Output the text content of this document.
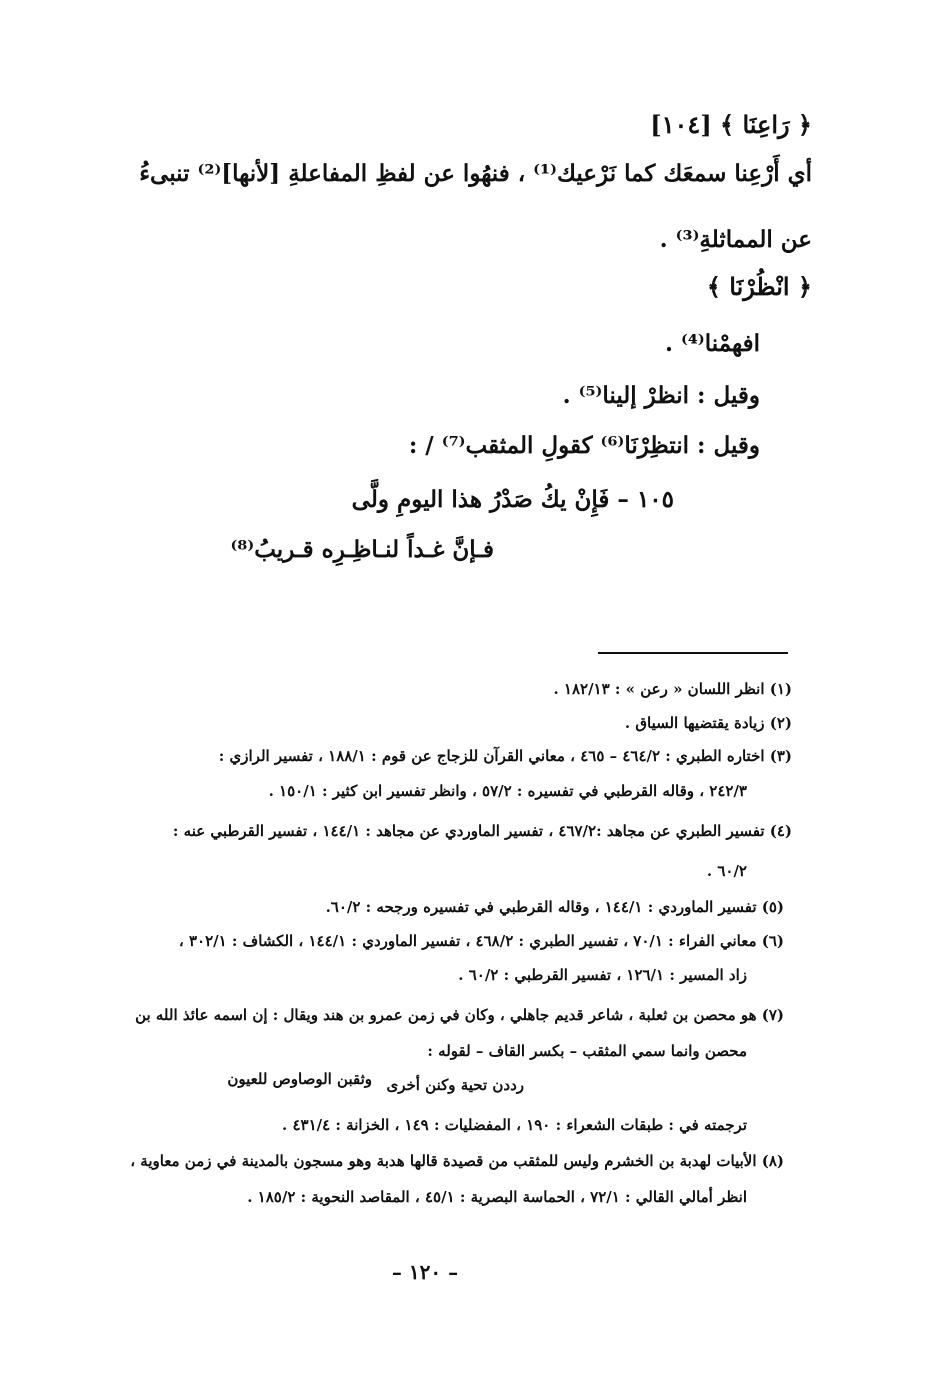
﴿ رَاعِنَا ﴾ [١٠٤]
أي أَرْعِنا سمعَك كما نَرْعيك⁽¹⁾ ، فنهُوا عن لفظِ المفاعلةِ [لأنها]⁽²⁾ تنبىءُ
عن المماثلةِ⁽³⁾ .
﴿ انْظُرْنَا ﴾
افهمْنا⁽⁴⁾ .
وقيل : انظرْ إلينا⁽⁵⁾ .
وقيل : انتظِرْنَا⁽⁶⁾ كقولِ المثقب⁽⁷⁾ / :
١٠٥ – فَإِنْ يكُ صَدْرُ هذا اليومِ ولَّى
فـإنَّ غـداً لنـاظِـرِه قـريبُ⁽⁸⁾
(١) انظر اللسان « رعن » : ١٨٢/١٣ .
(٢) زيادة يقتضيها السياق .
(٣) اختاره الطبري : ٤٦٤/٢ – ٤٦٥ ، معاني القرآن للزجاج عن قوم : ١٨٨/١ ، تفسير الرازي :
٢٤٢/٣ ، وقاله القرطبي في تفسيره : ٥٧/٢ ، وانظر تفسير ابن كثير : ١٥٠/١ .
(٤) تفسير الطبري عن مجاهد :٤٦٧/٢ ، تفسير الماوردي عن مجاهد : ١٤٤/١ ، تفسير القرطبي عنه :
٦٠/٢ .
(٥) تفسير الماوردي : ١٤٤/١ ، وقاله القرطبي في تفسيره ورجحه : ٦٠/٢.
(٦) معاني الفراء : ٧٠/١ ، تفسير الطبري : ٤٦٨/٢ ، تفسير الماوردي : ١٤٤/١ ، الكشاف : ٣٠٢/١ ،
زاد المسير : ١٢٦/١ ، تفسير القرطبي : ٦٠/٢ .
(٧) هو محصن بن ثعلبة ، شاعر قديم جاهلي ، وكان في زمن عمرو بن هند ويقال : إن اسمه عائذ الله بن
محصن وانما سمي المثقب – بكسر القاف – لقوله :
رددن تحية وكنن أخرى
وثقبن الوصاوص للعيون
ترجمته في : طبقات الشعراء : ١٩٠ ، المفضليات : ١٤٩ ، الخزانة : ٤٣١/٤ .
(٨) الأبيات لهدبة بن الخشرم وليس للمثقب من قصيدة قالها هدبة وهو مسجون بالمدينة في زمن معاوية ،
انظر أمالي القالي : ٧٢/١ ، الحماسة البصرية : ٤٥/١ ، المقاصد النحوية : ١٨٥/٢ .
– ١٢٠ –
